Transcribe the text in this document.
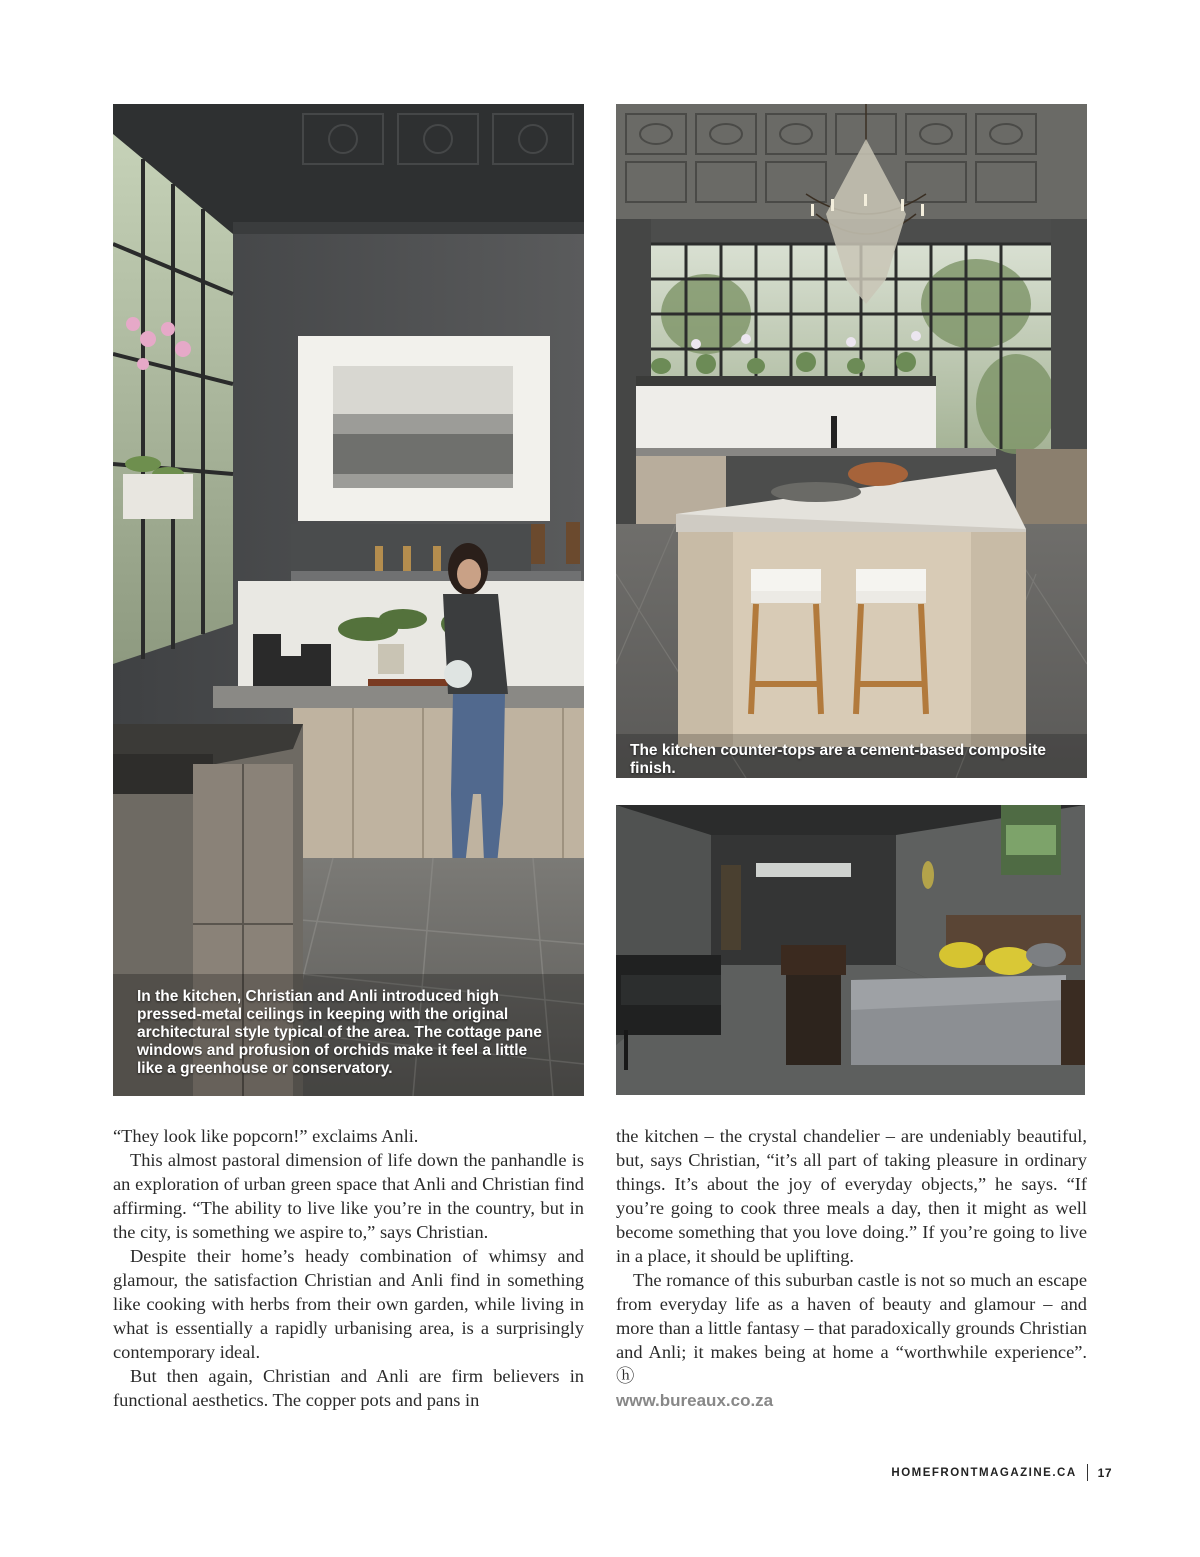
In the kitchen, Christian and Anli introduced high pressed-metal ceilings in keeping with the original architectural style typical of the area. The cottage pane windows and profusion of orchids make it feel a little like a greenhouse or conservatory.
The kitchen counter-tops are a cement-based composite finish.

“They look like popcorn!” exclaims Anli.

This almost pastoral dimension of life down the panhandle is an exploration of urban green space that Anli and Christian find affirming. “The ability to live like you’re in the country, but in the city, is something we aspire to,” says Christian.

Despite their home’s heady combination of whimsy and glamour, the satisfaction Christian and Anli find in something like cooking with herbs from their own garden, while living in what is essentially a rapidly urbanising area, is a surprisingly contemporary ideal.

But then again, Christian and Anli are firm believers in functional aesthetics. The copper pots and pans in

the kitchen – the crystal chandelier – are undeniably beautiful, but, says Christian, “it’s all part of taking pleasure in ordinary things. It’s about the joy of everyday objects,” he says. “If you’re going to cook three meals a day, then it might as well become something that you love doing.” If you’re going to live in a place, it should be uplifting.

The romance of this suburban castle is not so much an escape from everyday life as a haven of beauty and glamour – and more than a little fantasy – that paradoxically grounds Christian and Anli; it makes being at home a “worthwhile experience”. ⓗ

www.bureaux.co.za

HOMEFRONTMAGAZINE.CA 17
